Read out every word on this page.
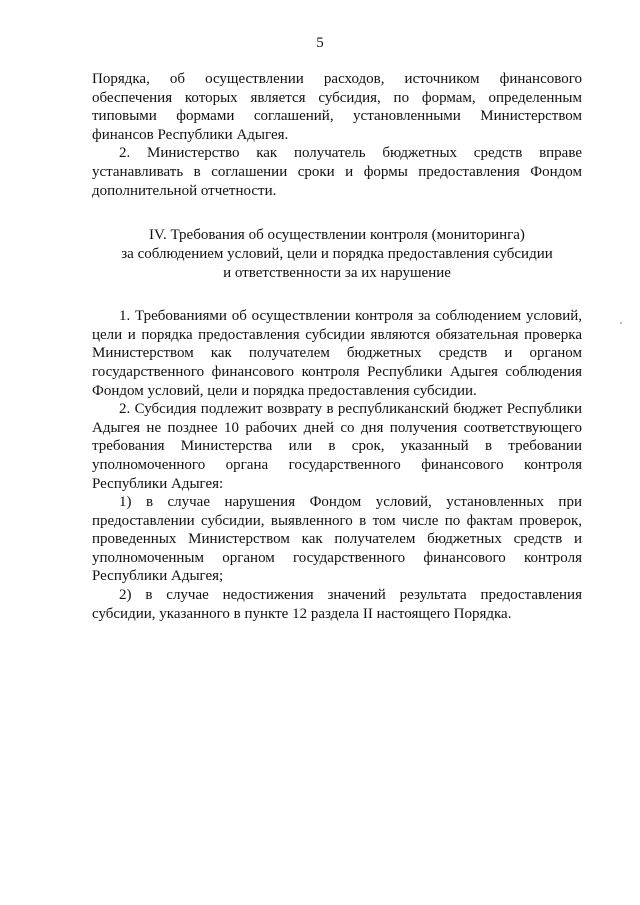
5

Порядка, об осуществлении расходов, источником финансового обеспечения которых является субсидия, по формам, определенным типовыми формами соглашений, установленными Министерством финансов Республики Адыгея.

2. Министерство как получатель бюджетных средств вправе устанавливать в соглашении сроки и формы предоставления Фондом дополнительной отчетности.

IV. Требования об осуществлении контроля (мониторинга)
за соблюдением условий, цели и порядка предоставления субсидии
и ответственности за их нарушение

1. Требованиями об осуществлении контроля за соблюдением условий, цели и порядка предоставления субсидии являются обязательная проверка Министерством как получателем бюджетных средств и органом государственного финансового контроля Республики Адыгея соблюдения Фондом условий, цели и порядка предоставления субсидии.

2. Субсидия подлежит возврату в республиканский бюджет Республики Адыгея не позднее 10 рабочих дней со дня получения соответствующего требования Министерства или в срок, указанный в требовании уполномоченного органа государственного финансового контроля Республики Адыгея:

1) в случае нарушения Фондом условий, установленных при предоставлении субсидии, выявленного в том числе по фактам проверок, проведенных Министерством как получателем бюджетных средств и уполномоченным органом государственного финансового контроля Республики Адыгея;

2) в случае недостижения значений результата предоставления субсидии, указанного в пункте 12 раздела II настоящего Порядка.
